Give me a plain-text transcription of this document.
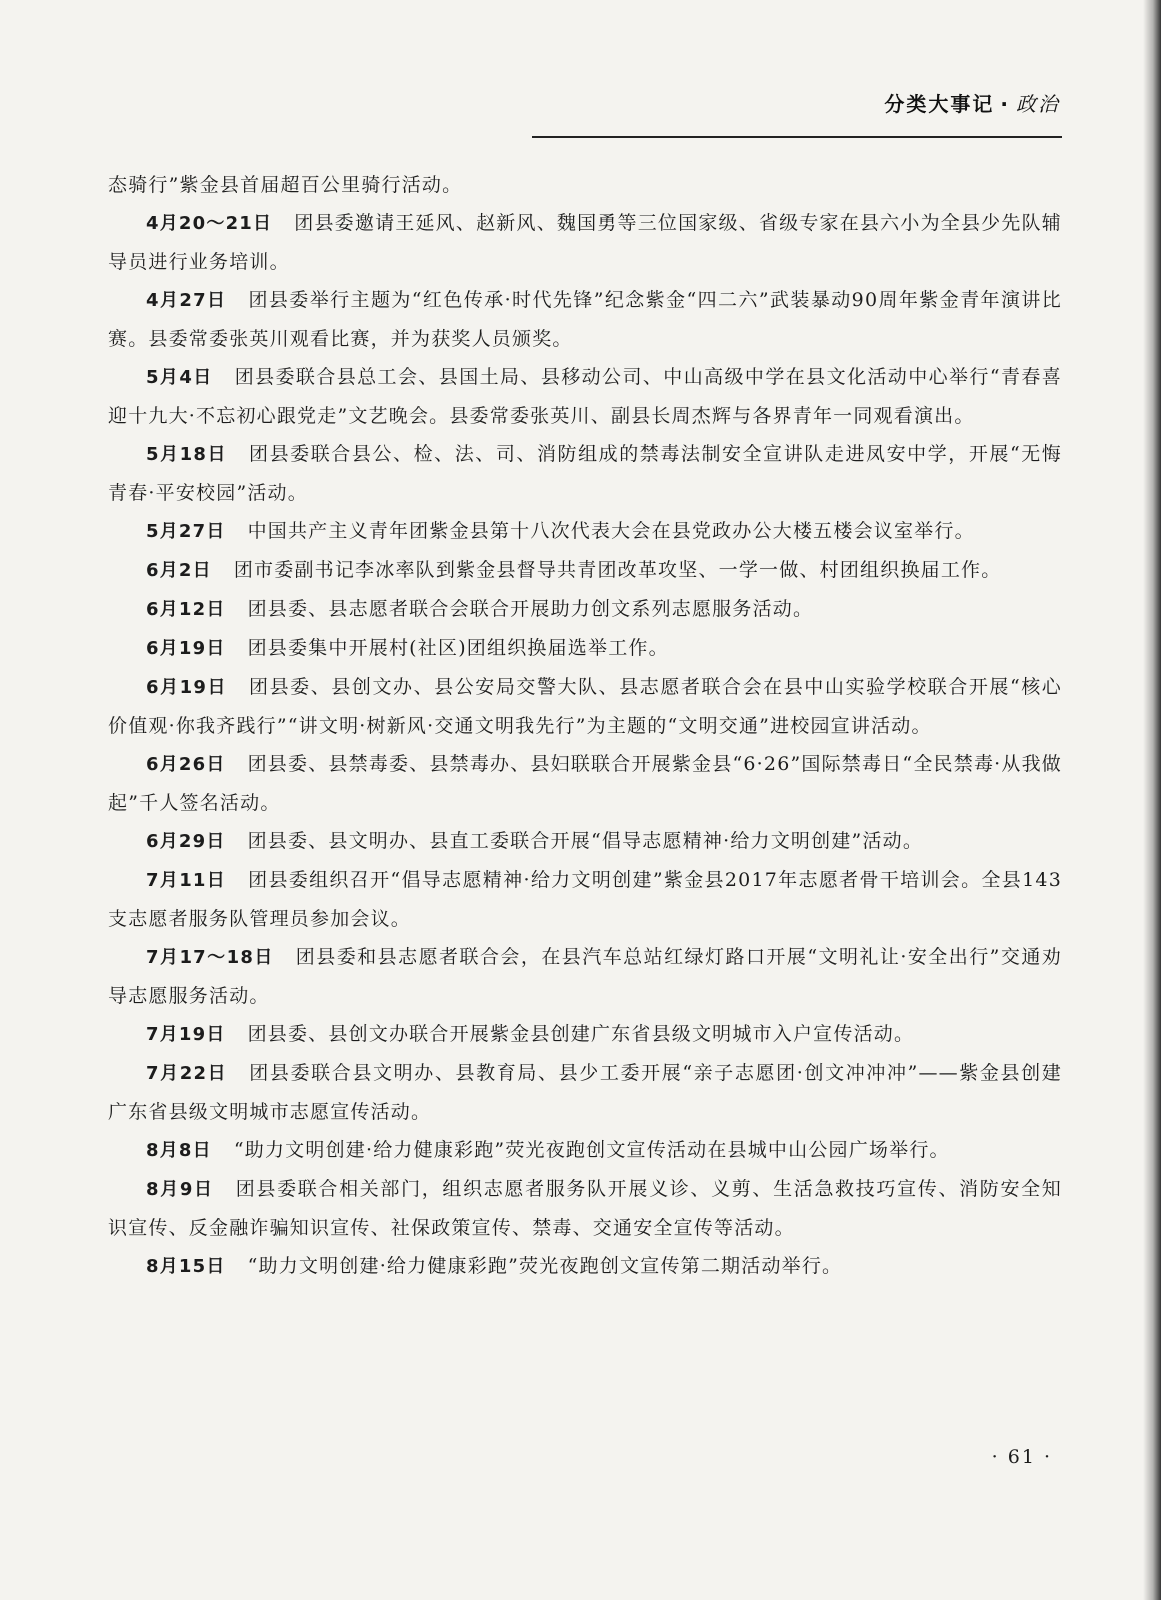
分类大事记 · 政治

态骑行”紫金县首届超百公里骑行活动。

4月20～21日 团县委邀请王延风、赵新风、魏国勇等三位国家级、省级专家在县六小为全县少先队辅导员进行业务培训。

4月27日 团县委举行主题为“红色传承·时代先锋”纪念紫金“四二六”武装暴动90周年紫金青年演讲比赛。县委常委张英川观看比赛，并为获奖人员颁奖。

5月4日 团县委联合县总工会、县国土局、县移动公司、中山高级中学在县文化活动中心举行“青春喜迎十九大·不忘初心跟党走”文艺晚会。县委常委张英川、副县长周杰辉与各界青年一同观看演出。

5月18日 团县委联合县公、检、法、司、消防组成的禁毒法制安全宣讲队走进凤安中学，开展“无悔青春·平安校园”活动。

5月27日 中国共产主义青年团紫金县第十八次代表大会在县党政办公大楼五楼会议室举行。

6月2日 团市委副书记李冰率队到紫金县督导共青团改革攻坚、一学一做、村团组织换届工作。

6月12日 团县委、县志愿者联合会联合开展助力创文系列志愿服务活动。

6月19日 团县委集中开展村(社区)团组织换届选举工作。

6月19日 团县委、县创文办、县公安局交警大队、县志愿者联合会在县中山实验学校联合开展“核心价值观·你我齐践行”“讲文明·树新风·交通文明我先行”为主题的“文明交通”进校园宣讲活动。

6月26日 团县委、县禁毒委、县禁毒办、县妇联联合开展紫金县“6·26”国际禁毒日“全民禁毒·从我做起”千人签名活动。

6月29日 团县委、县文明办、县直工委联合开展“倡导志愿精神·给力文明创建”活动。

7月11日 团县委组织召开“倡导志愿精神·给力文明创建”紫金县2017年志愿者骨干培训会。全县143支志愿者服务队管理员参加会议。

7月17～18日 团县委和县志愿者联合会，在县汽车总站红绿灯路口开展“文明礼让·安全出行”交通劝导志愿服务活动。

7月19日 团县委、县创文办联合开展紫金县创建广东省县级文明城市入户宣传活动。

7月22日 团县委联合县文明办、县教育局、县少工委开展“亲子志愿团·创文冲冲冲”——紫金县创建广东省县级文明城市志愿宣传活动。

8月8日 “助力文明创建·给力健康彩跑”荧光夜跑创文宣传活动在县城中山公园广场举行。

8月9日 团县委联合相关部门，组织志愿者服务队开展义诊、义剪、生活急救技巧宣传、消防安全知识宣传、反金融诈骗知识宣传、社保政策宣传、禁毒、交通安全宣传等活动。

8月15日 “助力文明创建·给力健康彩跑”荧光夜跑创文宣传第二期活动举行。

· 61 ·
